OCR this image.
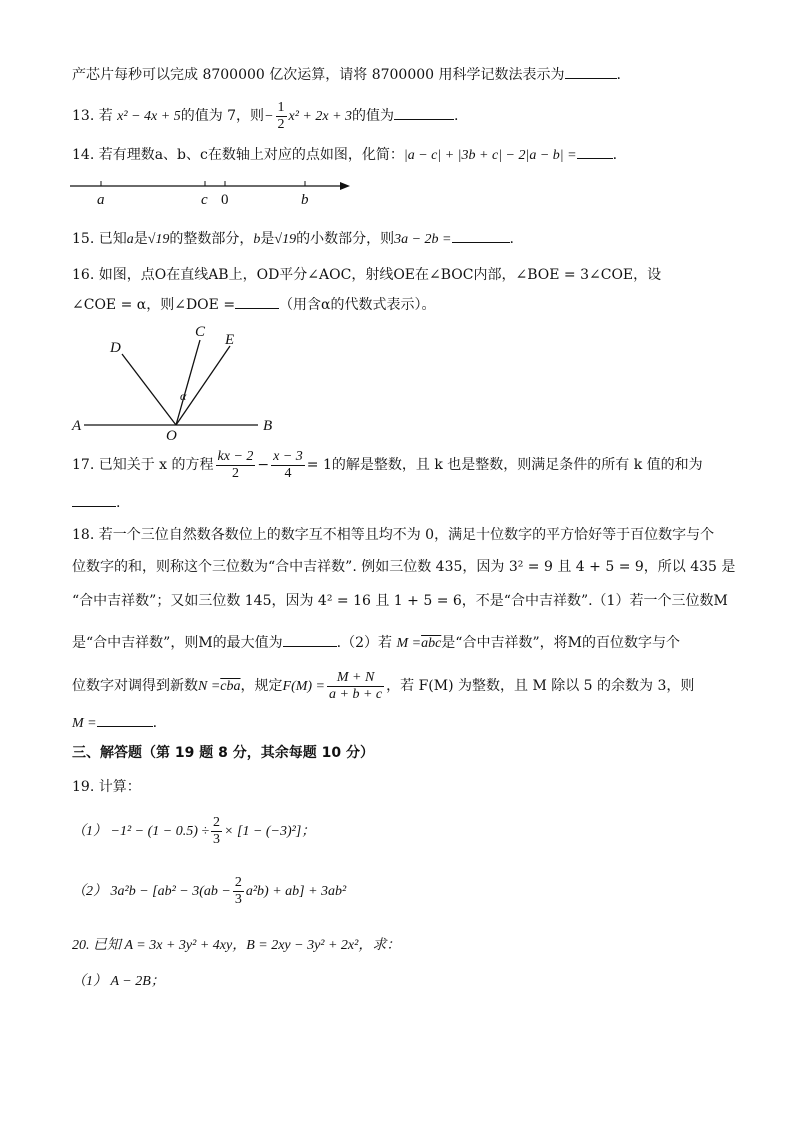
产芯片每秒可以完成 8700000 亿次运算，请将 8700000 用科学记数法表示为	.
13. 若 x² − 4x + 5的值为 7，则− $\frac{1}{2} x^2 + 2x + 3$的值为	.
14. 若有理数a、b、c在数轴上对应的点如图，化简：|a − c| + |3b + c| − 2|a − b| =	.
a	c 0	b
15. 已知a是√19的整数部分，b是√19的小数部分，则3a − 2b =	.
16. 如图，点O在直线AB上，OD平分∠AOC，射线OE在∠BOC内部，∠BOE = 3∠COE，设
∠COE = α，则∠DOE =	（用含α的代数式表示）。
D
C E
A
O
B
α
17. 已知关于 x 的方程 $\frac{kx - 2}{2} - \frac{x - 3}{4} = 1$的解是整数，且 k 也是整数，则满足条件的所有 k 值的和为
.
18. 若一个三位自然数各数位上的数字互不相等且均不为 0，满足十位数字的平方恰好等于百位数字与个
位数字的和，则称这个三位数为“合中吉祥数”. 例如三位数 435，因为 3² = 9 且 4 + 5 = 9，所以 435 是
“合中吉祥数”；又如三位数 145，因为 4² = 16 且 1 + 5 = 6，不是“合中吉祥数”.（1）若一个三位数M
是“合中吉祥数”，则M的最大值为	.（2）若 $M =\overline{abc}$是“合中吉祥数”，将M的百位数字与个
位数字对调得到新数$N =\overline{cba}$，规定$F(M) = \frac{M + N}{a + b + c}$ ，若 F(M) 为整数，且 M 除以 5 的余数为 3，则
M =	.
三、解答题（第 19 题 8 分，其余每题 10 分）
19. 计算：
$(1) -1^2 - (1 - 0.5) \div \frac{2}{3} \times [1 - (-3)^2]$；
（2） $3a^2b - [ab^2 - 3(ab - \frac{2}{3} a^2b) + ab] + 3ab^2$
20. 已知 A = 3x + 3y² + 4xy，B = 2xy − 3y² + 2x²，求：
（1） A − 2B；
